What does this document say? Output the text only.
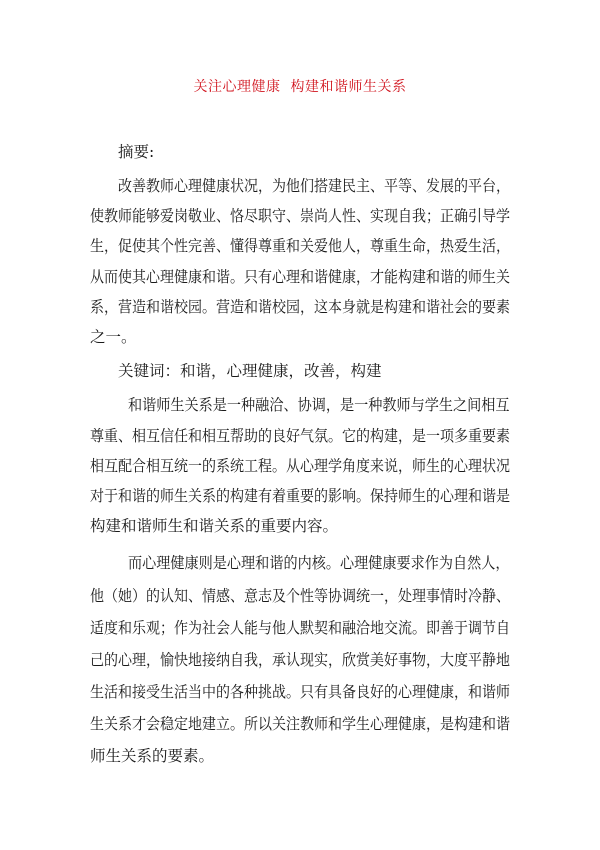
关注心理健康  构建和谐师生关系
摘要:
改善教师心理健康状况，为他们搭建民主、平等、发展的平台，
使教师能够爱岗敬业、恪尽职守、崇尚人性、实现自我；正确引导学
生，促使其个性完善、懂得尊重和关爱他人，尊重生命，热爱生活，
从而使其心理健康和谐。只有心理和谐健康，才能构建和谐的师生关
系，营造和谐校园。营造和谐校园，这本身就是构建和谐社会的要素
之一。
关键词：和谐，心理健康，改善，构建
和谐师生关系是一种融洽、协调，是一种教师与学生之间相互
尊重、相互信任和相互帮助的良好气氛。它的构建，是一项多重要素
相互配合相互统一的系统工程。从心理学角度来说，师生的心理状况
对于和谐的师生关系的构建有着重要的影响。保持师生的心理和谐是
构建和谐师生和谐关系的重要内容。
而心理健康则是心理和谐的内核。心理健康要求作为自然人，
他（她）的认知、情感、意志及个性等协调统一，处理事情时冷静、
适度和乐观；作为社会人能与他人默契和融洽地交流。即善于调节自
己的心理，愉快地接纳自我，承认现实，欣赏美好事物，大度平静地
生活和接受生活当中的各种挑战。只有具备良好的心理健康，和谐师
生关系才会稳定地建立。所以关注教师和学生心理健康，是构建和谐
师生关系的要素。
